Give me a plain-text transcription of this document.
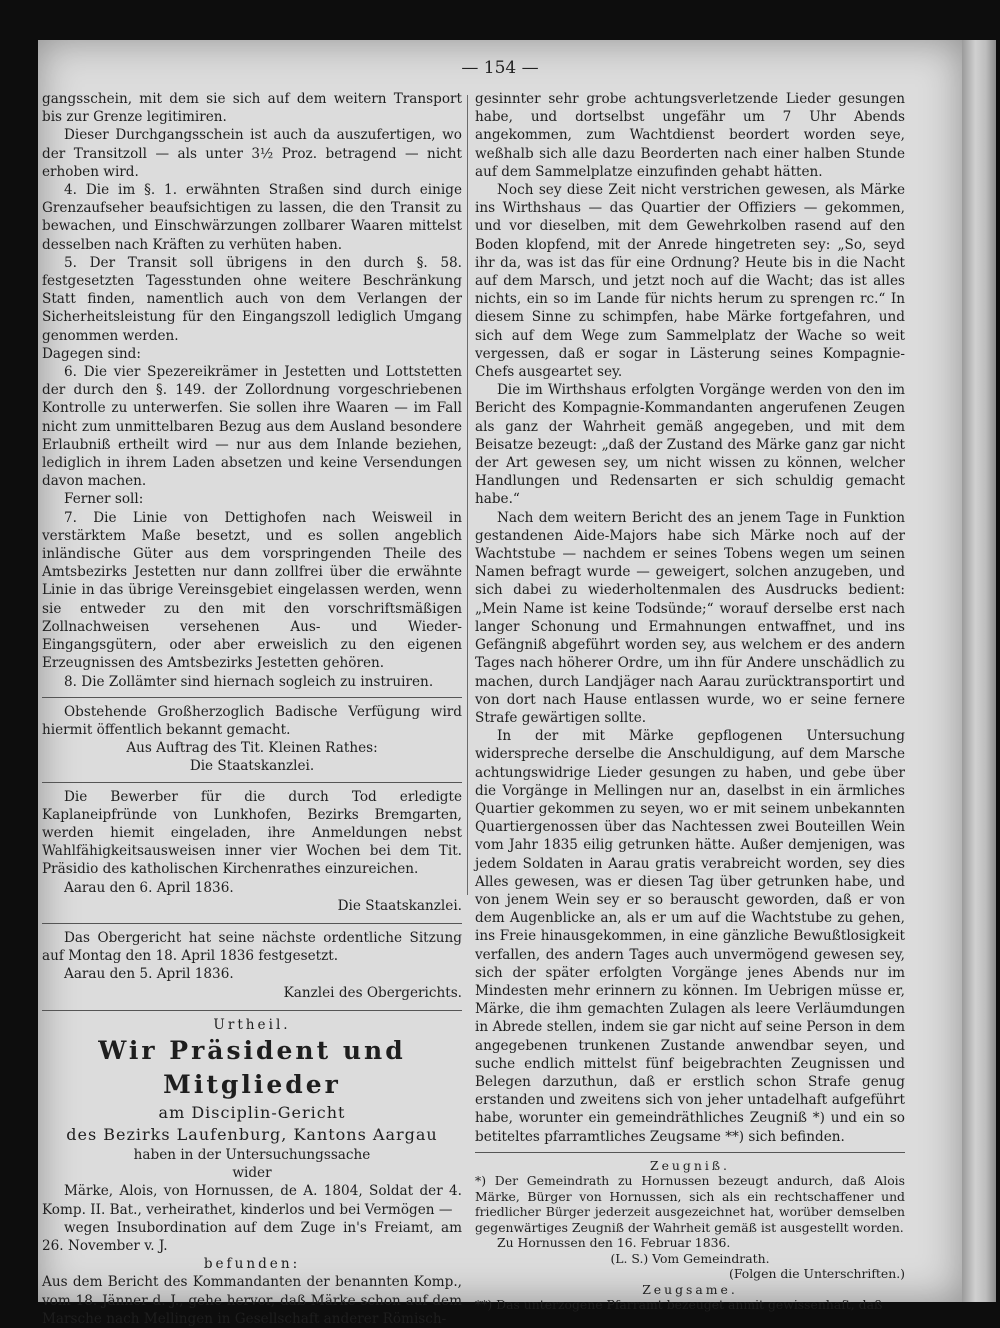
— 154 —

gangsschein, mit dem sie sich auf dem weitern Transport bis zur Grenze legitimiren.

Dieser Durchgangsschein ist auch da auszufertigen, wo der Transitzoll — als unter 3½ Proz. betragend — nicht erhoben wird.

4. Die im §. 1. erwähnten Straßen sind durch einige Grenzaufseher beaufsichtigen zu lassen, die den Transit zu bewachen, und Einschwärzungen zollbarer Waaren mittelst desselben nach Kräften zu verhüten haben.

5. Der Transit soll übrigens in den durch §. 58. festgesetzten Tagesstunden ohne weitere Beschränkung Statt finden, namentlich auch von dem Verlangen der Sicherheitsleistung für den Eingangszoll lediglich Umgang genommen werden.

Dagegen sind:

6. Die vier Spezereikrämer in Jestetten und Lottstetten der durch den §. 149. der Zollordnung vorgeschriebenen Kontrolle zu unterwerfen. Sie sollen ihre Waaren — im Fall nicht zum unmittelbaren Bezug aus dem Ausland besondere Erlaubniß ertheilt wird — nur aus dem Inlande beziehen, lediglich in ihrem Laden absetzen und keine Versendungen davon machen.

Ferner soll:

7. Die Linie von Dettighofen nach Weisweil in verstärktem Maße besetzt, und es sollen angeblich inländische Güter aus dem vorspringenden Theile des Amtsbezirks Jestetten nur dann zollfrei über die erwähnte Linie in das übrige Vereinsgebiet eingelassen werden, wenn sie entweder zu den mit den vorschriftsmäßigen Zollnachweisen versehenen Aus- und Wieder-Eingangsgütern, oder aber erweislich zu den eigenen Erzeugnissen des Amtsbezirks Jestetten gehören.

8. Die Zollämter sind hiernach sogleich zu instruiren.

Obstehende Großherzoglich Badische Verfügung wird hiermit öffentlich bekannt gemacht.

Aus Auftrag des Tit. Kleinen Rathes:

Die Staatskanzlei.

Die Bewerber für die durch Tod erledigte Kaplaneipfründe von Lunkhofen, Bezirks Bremgarten, werden hiemit eingeladen, ihre Anmeldungen nebst Wahlfähigkeitsausweisen inner vier Wochen bei dem Tit. Präsidio des katholischen Kirchenrathes einzureichen.

Aarau den 6. April 1836.

Die Staatskanzlei.

Das Obergericht hat seine nächste ordentliche Sitzung auf Montag den 18. April 1836 festgesetzt.

Aarau den 5. April 1836.

Kanzlei des Obergerichts.

Urtheil.

Wir Präsident und Mitglieder

am Disciplin-Gericht

des Bezirks Laufenburg, Kantons Aargau

haben in der Untersuchungssache

wider

Märke, Alois, von Hornussen, de A. 1804, Soldat der 4. Komp. II. Bat., verheirathet, kinderlos und bei Vermögen —

wegen Insubordination auf dem Zuge in's Freiamt, am 26. November v. J.

befunden:

Aus dem Bericht des Kommandanten der benannten Komp., vom 18. Jänner d. J., gehe hervor, daß Märke schon auf dem Marsche nach Mellingen in Gesellschaft anderer Römisch-

gesinnter sehr grobe achtungsverletzende Lieder gesungen habe, und dortselbst ungefähr um 7 Uhr Abends angekommen, zum Wachtdienst beordert worden seye, weßhalb sich alle dazu Beorderten nach einer halben Stunde auf dem Sammelplatze einzufinden gehabt hätten.

Noch sey diese Zeit nicht verstrichen gewesen, als Märke ins Wirthshaus — das Quartier der Offiziers — gekommen, und vor dieselben, mit dem Gewehrkolben rasend auf den Boden klopfend, mit der Anrede hingetreten sey: „So, seyd ihr da, was ist das für eine Ordnung? Heute bis in die Nacht auf dem Marsch, und jetzt noch auf die Wacht; das ist alles nichts, ein so im Lande für nichts herum zu sprengen rc.“ In diesem Sinne zu schimpfen, habe Märke fortgefahren, und sich auf dem Wege zum Sammelplatz der Wache so weit vergessen, daß er sogar in Lästerung seines Kompagnie-Chefs ausgeartet sey.

Die im Wirthshaus erfolgten Vorgänge werden von den im Bericht des Kompagnie-Kommandanten angerufenen Zeugen als ganz der Wahrheit gemäß angegeben, und mit dem Beisatze bezeugt: „daß der Zustand des Märke ganz gar nicht der Art gewesen sey, um nicht wissen zu können, welcher Handlungen und Redensarten er sich schuldig gemacht habe.“

Nach dem weitern Bericht des an jenem Tage in Funktion gestandenen Aide-Majors habe sich Märke noch auf der Wachtstube — nachdem er seines Tobens wegen um seinen Namen befragt wurde — geweigert, solchen anzugeben, und sich dabei zu wiederholtenmalen des Ausdrucks bedient: „Mein Name ist keine Todsünde;“ worauf derselbe erst nach langer Schonung und Ermahnungen entwaffnet, und ins Gefängniß abgeführt worden sey, aus welchem er des andern Tages nach höherer Ordre, um ihn für Andere unschädlich zu machen, durch Landjäger nach Aarau zurücktransportirt und von dort nach Hause entlassen wurde, wo er seine fernere Strafe gewärtigen sollte.

In der mit Märke gepflogenen Untersuchung widerspreche derselbe die Anschuldigung, auf dem Marsche achtungswidrige Lieder gesungen zu haben, und gebe über die Vorgänge in Mellingen nur an, daselbst in ein ärmliches Quartier gekommen zu seyen, wo er mit seinem unbekannten Quartiergenossen über das Nachtessen zwei Bouteillen Wein vom Jahr 1835 eilig getrunken hätte. Außer demjenigen, was jedem Soldaten in Aarau gratis verabreicht worden, sey dies Alles gewesen, was er diesen Tag über getrunken habe, und von jenem Wein sey er so berauscht geworden, daß er von dem Augenblicke an, als er um auf die Wachtstube zu gehen, ins Freie hinausgekommen, in eine gänzliche Bewußtlosigkeit verfallen, des andern Tages auch unvermögend gewesen sey, sich der später erfolgten Vorgänge jenes Abends nur im Mindesten mehr erinnern zu können. Im Uebrigen müsse er, Märke, die ihm gemachten Zulagen als leere Verläumdungen in Abrede stellen, indem sie gar nicht auf seine Person in dem angegebenen trunkenen Zustande anwendbar seyen, und suche endlich mittelst fünf beigebrachten Zeugnissen und Belegen darzuthun, daß er erstlich schon Strafe genug erstanden und zweitens sich von jeher untadelhaft aufgeführt habe, worunter ein gemeindräthliches Zeugniß *) und ein so betiteltes pfarramtliches Zeugsame **) sich befinden.

Zeugniß.

*) Der Gemeindrath zu Hornussen bezeugt andurch, daß Alois Märke, Bürger von Hornussen, sich als ein rechtschaffener und friedlicher Bürger jederzeit ausgezeichnet hat, worüber demselben gegenwärtiges Zeugniß der Wahrheit gemäß ist ausgestellt worden.

Zu Hornussen den 16. Februar 1836.

(L. S.) Vom Gemeindrath.

(Folgen die Unterschriften.)

Zeugsame.

**) Das unterzogene Pfarramt bezeuget anmit gewissenhaft, daß
